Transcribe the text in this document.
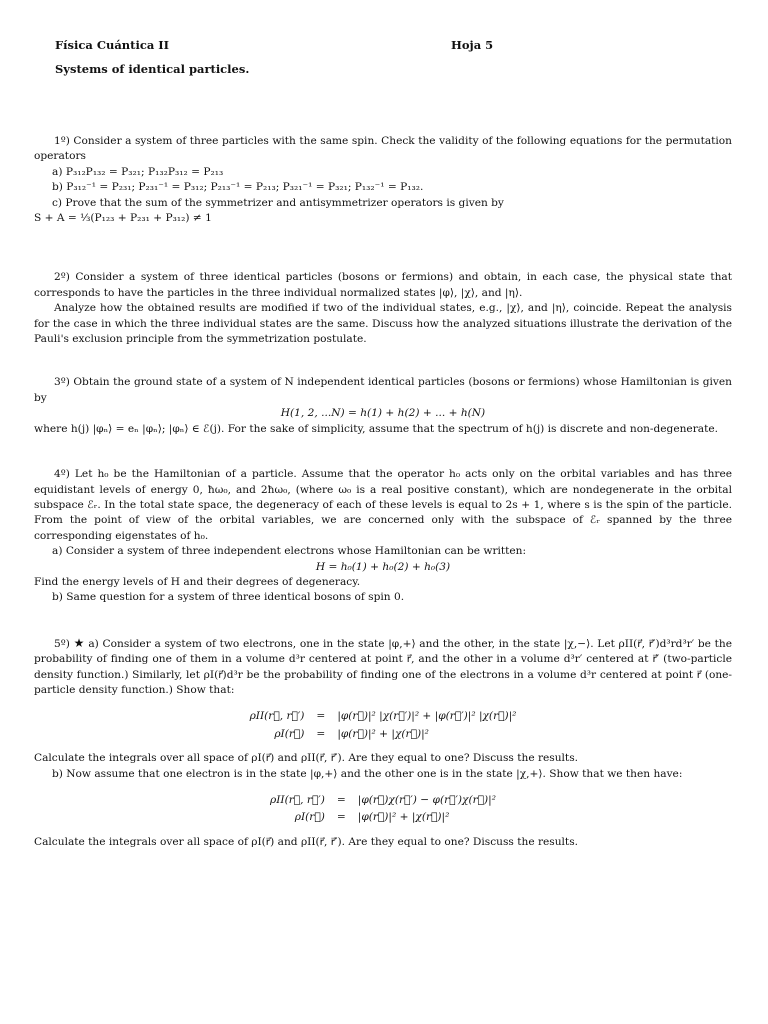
Física Cuántica II	Hoja 5
Systems of identical particles.

1º) Consider a system of three particles with the same spin. Check the validity of the following equations for the permutation operators

a) P₃₁₂P₁₃₂ = P₃₂₁; P₁₃₂P₃₁₂ = P₂₁₃

b) P₃₁₂⁻¹ = P₂₃₁; P₂₃₁⁻¹ = P₃₁₂; P₂₁₃⁻¹ = P₂₁₃; P₃₂₁⁻¹ = P₃₂₁; P₁₃₂⁻¹ = P₁₃₂.

c) Prove that the sum of the symmetrizer and antisymmetrizer operators is given by

S + A = ⅓(P₁₂₃ + P₂₃₁ + P₃₁₂) ≠ 1

2º) Consider a system of three identical particles (bosons or fermions) and obtain, in each case, the physical state that corresponds to have the particles in the three individual normalized states |φ⟩, |χ⟩, and |η⟩.

Analyze how the obtained results are modified if two of the individual states, e.g., |χ⟩, and |η⟩, coincide. Repeat the analysis for the case in which the three individual states are the same. Discuss how the analyzed situations illustrate the derivation of the Pauli's exclusion principle from the symmetrization postulate.

3º) Obtain the ground state of a system of N independent identical particles (bosons or fermions) whose Hamiltonian is given by

H(1, 2, ...N) = h(1) + h(2) + ... + h(N)

where h(j) |φₙ⟩ = eₙ |φₙ⟩; |φₙ⟩ ∈ ℰ(j). For the sake of simplicity, assume that the spectrum of h(j) is discrete and non-degenerate.

4º) Let h₀ be the Hamiltonian of a particle. Assume that the operator h₀ acts only on the orbital variables and has three equidistant levels of energy 0, ħω₀, and 2ħω₀, (where ω₀ is a real positive constant), which are nondegenerate in the orbital subspace ℰᵣ. In the total state space, the degeneracy of each of these levels is equal to 2s + 1, where s is the spin of the particle. From the point of view of the orbital variables, we are concerned only with the subspace of ℰᵣ spanned by the three corresponding eigenstates of h₀.

a) Consider a system of three independent electrons whose Hamiltonian can be written:

H = h₀(1) + h₀(2) + h₀(3)

Find the energy levels of H and their degrees of degeneracy.

b) Same question for a system of three identical bosons of spin 0.

5º) ★ a) Consider a system of two electrons, one in the state |φ,+⟩ and the other, in the state |χ,−⟩. Let ρII(r⃗, r⃗′)d³rd³r′ be the probability of finding one of them in a volume d³r centered at point r⃗, and the other in a volume d³r′ centered at r⃗′ (two-particle density function.) Similarly, let ρI(r⃗)d³r be the probability of finding one of the electrons in a volume d³r centered at point r⃗ (one-particle density function.) Show that:

ρII(r⃗, r⃗′)	=	|φ(r⃗)|² |χ(r⃗′)|² + |φ(r⃗′)|² |χ(r⃗)|²
ρI(r⃗)	=	|φ(r⃗)|² + |χ(r⃗)|²

Calculate the integrals over all space of ρI(r⃗) and ρII(r⃗, r⃗′). Are they equal to one? Discuss the results.

b) Now assume that one electron is in the state |φ,+⟩ and the other one is in the state |χ,+⟩. Show that we then have:

ρII(r⃗, r⃗′)	=	|φ(r⃗)χ(r⃗′) − φ(r⃗′)χ(r⃗)|²
ρI(r⃗)	=	|φ(r⃗)|² + |χ(r⃗)|²

Calculate the integrals over all space of ρI(r⃗) and ρII(r⃗, r⃗′). Are they equal to one? Discuss the results.
